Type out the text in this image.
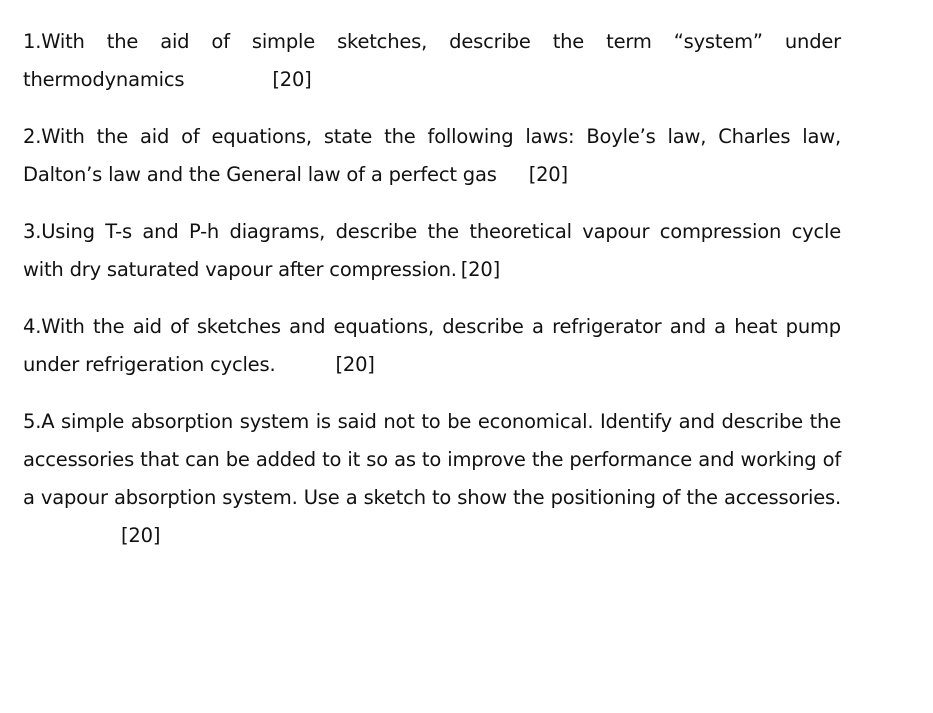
1.With the aid of simple sketches, describe the term “system” under thermodynamics	[20]

2.With the aid of equations, state the following laws: Boyle’s law, Charles law, Dalton’s law and the General law of a perfect gas [20]

3.Using T-s and P-h diagrams, describe the theoretical vapour compression cycle with dry saturated vapour after compression. [20]

4.With the aid of sketches and equations, describe a refrigerator and a heat pump under refrigeration cycles.	[20]

5.A simple absorption system is said not to be economical. Identify and describe the accessories that can be added to it so as to improve the performance and working of a vapour absorption system. Use a sketch to show the positioning of the accessories.[20]
